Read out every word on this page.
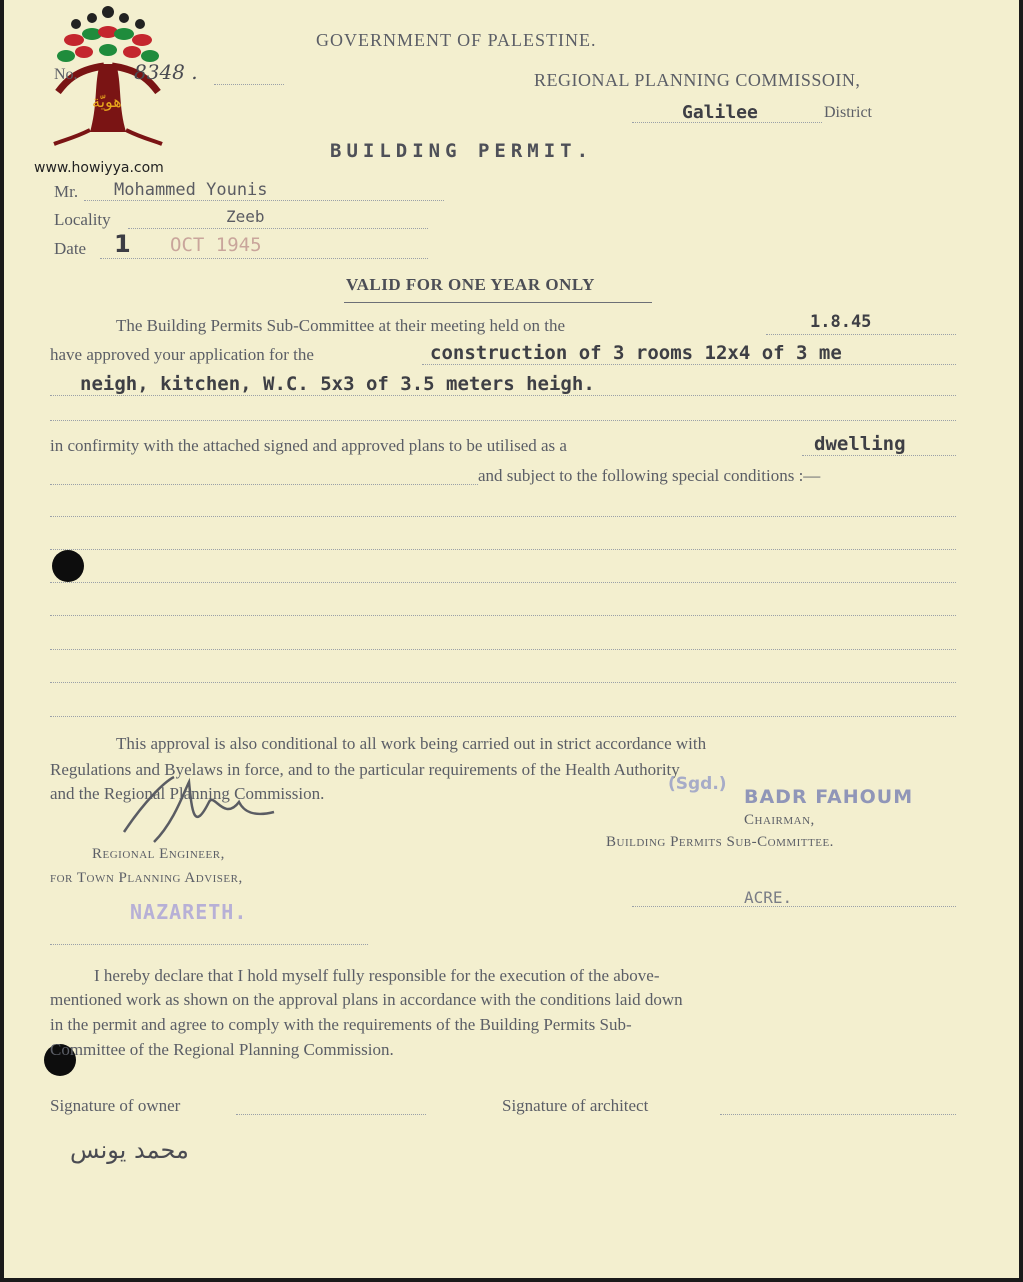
هويّة
www.howiyya.com
GOVERNMENT OF PALESTINE.
No.	8348 .	REGIONAL PLANNING COMMISSOIN,
Galilee	District
BUILDING PERMIT.
Mr. Mohammed Younis
Locality	Zeeb
Date 1 OCT 1945
VALID FOR ONE YEAR ONLY
The Building Permits Sub-Committee at their meeting held on the	1.8.45
have approved your application for the	construction of 3 rooms 12x4 of 3 me
neigh, kitchen, W.C. 5x3 of 3.5 meters heigh.
in confirmity with the attached signed and approved plans to be utilised as a	dwelling
and subject to the following special conditions :—
This approval is also conditional to all work being carried out in strict accordance with
Regulations and Byelaws in force, and to the particular requirements of the Health Authority
and the Regional Planning Commission.	(Sgd.)
BADR FAHOUM
Chairman,
Building Permits Sub-Committee.
Regional Engineer,
for Town Planning Adviser,
ACRE.
NAZARETH.
I hereby declare that I hold myself fully responsible for the execution of the above-
mentioned work as shown on the approval plans in accordance with the conditions laid down
in the permit and agree to comply with the requirements of the Building Permits Sub-
Committee of the Regional Planning Commission.
Signature of owner	Signature of architect
محمد يونس
